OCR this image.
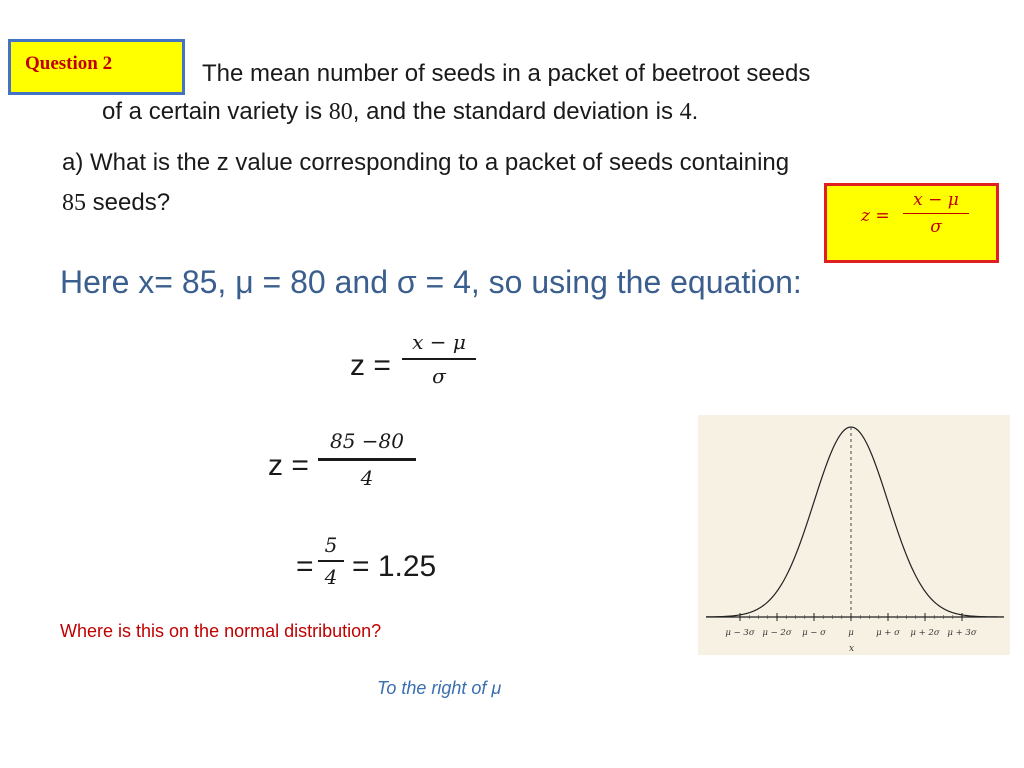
Question 2	The mean number of seeds in a packet of beetroot seeds
of a certain variety is 80, and the standard deviation is 4.
a) What is the z value corresponding to a packet of seeds containing
85 seeds?	z =
x − μ
σ
Here x= 85, μ = 80 and σ = 4, so using the equation:
z =
x − μ
σ
z =
85 −80
4
=
5
4 = 1.25
μ − 3σ μ − 2σ μ − σ	μ	μ + σ μ + 2σ μ + 3σ
x
Where is this on the normal distribution?
To the right of μ
